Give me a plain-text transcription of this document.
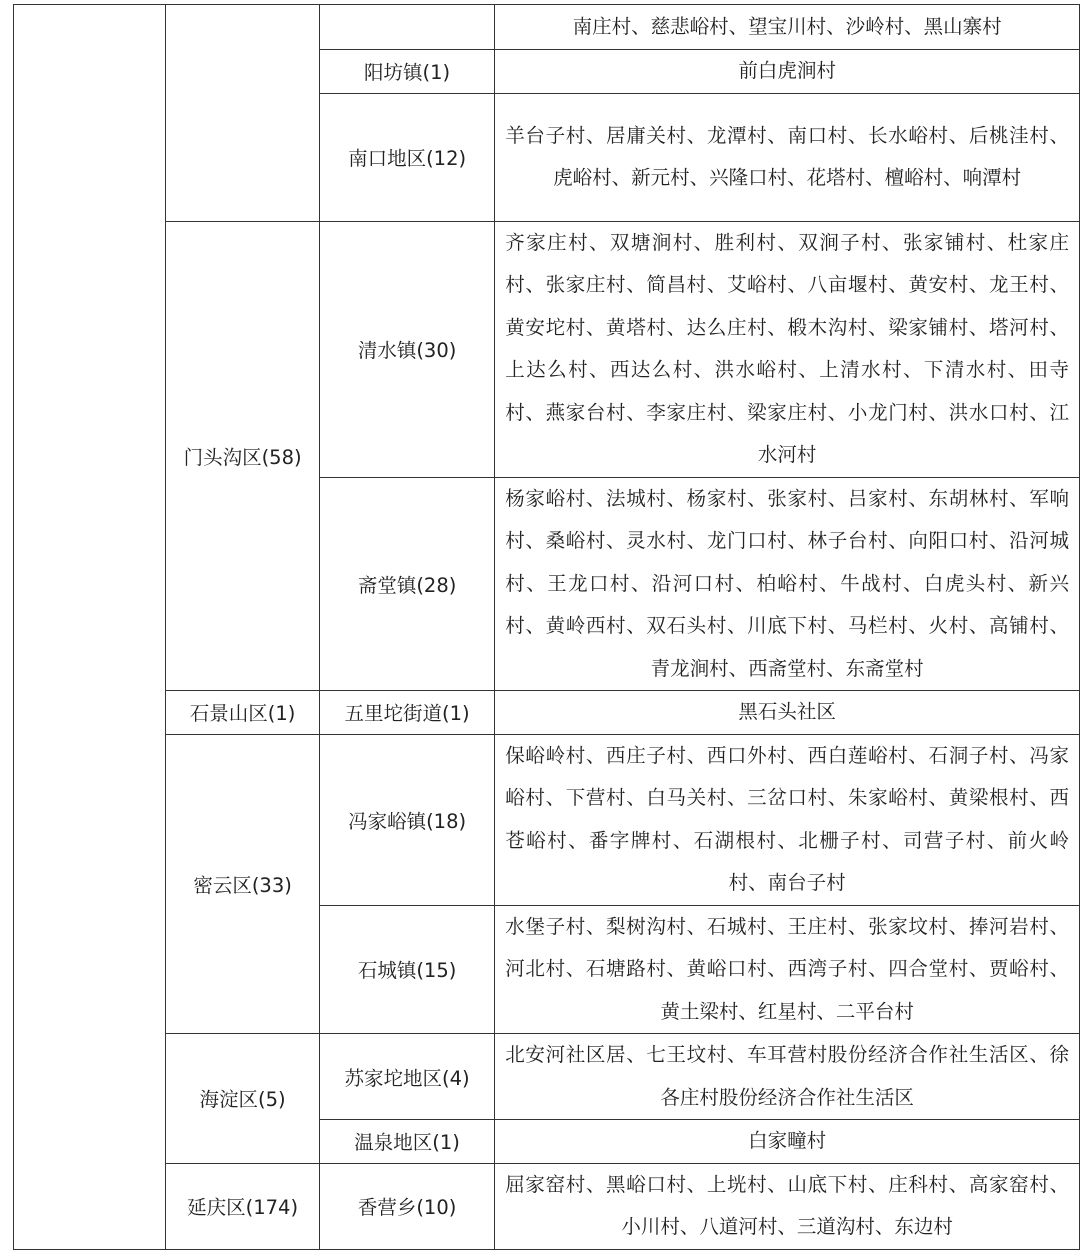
			南庄村、慈悲峪村、望宝川村、沙岭村、黑山寨村

		阳坊镇(1)	前白虎涧村

		南口地区(12)	羊台子村、居庸关村、龙潭村、南口村、长水峪村、后桃洼村、虎峪村、新元村、兴隆口村、花塔村、檀峪村、响潭村

	门头沟区(58)	清水镇(30)	齐家庄村、双塘涧村、胜利村、双涧子村、张家铺村、杜家庄村、张家庄村、简昌村、艾峪村、八亩堰村、黄安村、龙王村、黄安坨村、黄塔村、达么庄村、椴木沟村、梁家铺村、塔河村、上达么村、西达么村、洪水峪村、上清水村、下清水村、田寺村、燕家台村、李家庄村、梁家庄村、小龙门村、洪水口村、江水河村

		斋堂镇(28)	杨家峪村、法城村、杨家村、张家村、吕家村、东胡林村、军响村、桑峪村、灵水村、龙门口村、林子台村、向阳口村、沿河城村、王龙口村、沿河口村、柏峪村、牛战村、白虎头村、新兴村、黄岭西村、双石头村、川底下村、马栏村、火村、高铺村、青龙涧村、西斋堂村、东斋堂村

	石景山区(1)	五里坨街道(1)	黑石头社区

	密云区(33)	冯家峪镇(18)	保峪岭村、西庄子村、西口外村、西白莲峪村、石洞子村、冯家峪村、下营村、白马关村、三岔口村、朱家峪村、黄梁根村、西苍峪村、番字牌村、石湖根村、北栅子村、司营子村、前火岭村、南台子村

		石城镇(15)	水堡子村、梨树沟村、石城村、王庄村、张家坟村、捧河岩村、河北村、石塘路村、黄峪口村、西湾子村、四合堂村、贾峪村、黄土梁村、红星村、二平台村

	海淀区(5)	苏家坨地区(4)	北安河社区居、七王坟村、车耳营村股份经济合作社生活区、徐各庄村股份经济合作社生活区

		温泉地区(1)	白家疃村

	延庆区(174)	香营乡(10)	屈家窑村、黑峪口村、上垙村、山底下村、庄科村、高家窑村、小川村、八道河村、三道沟村、东边村
